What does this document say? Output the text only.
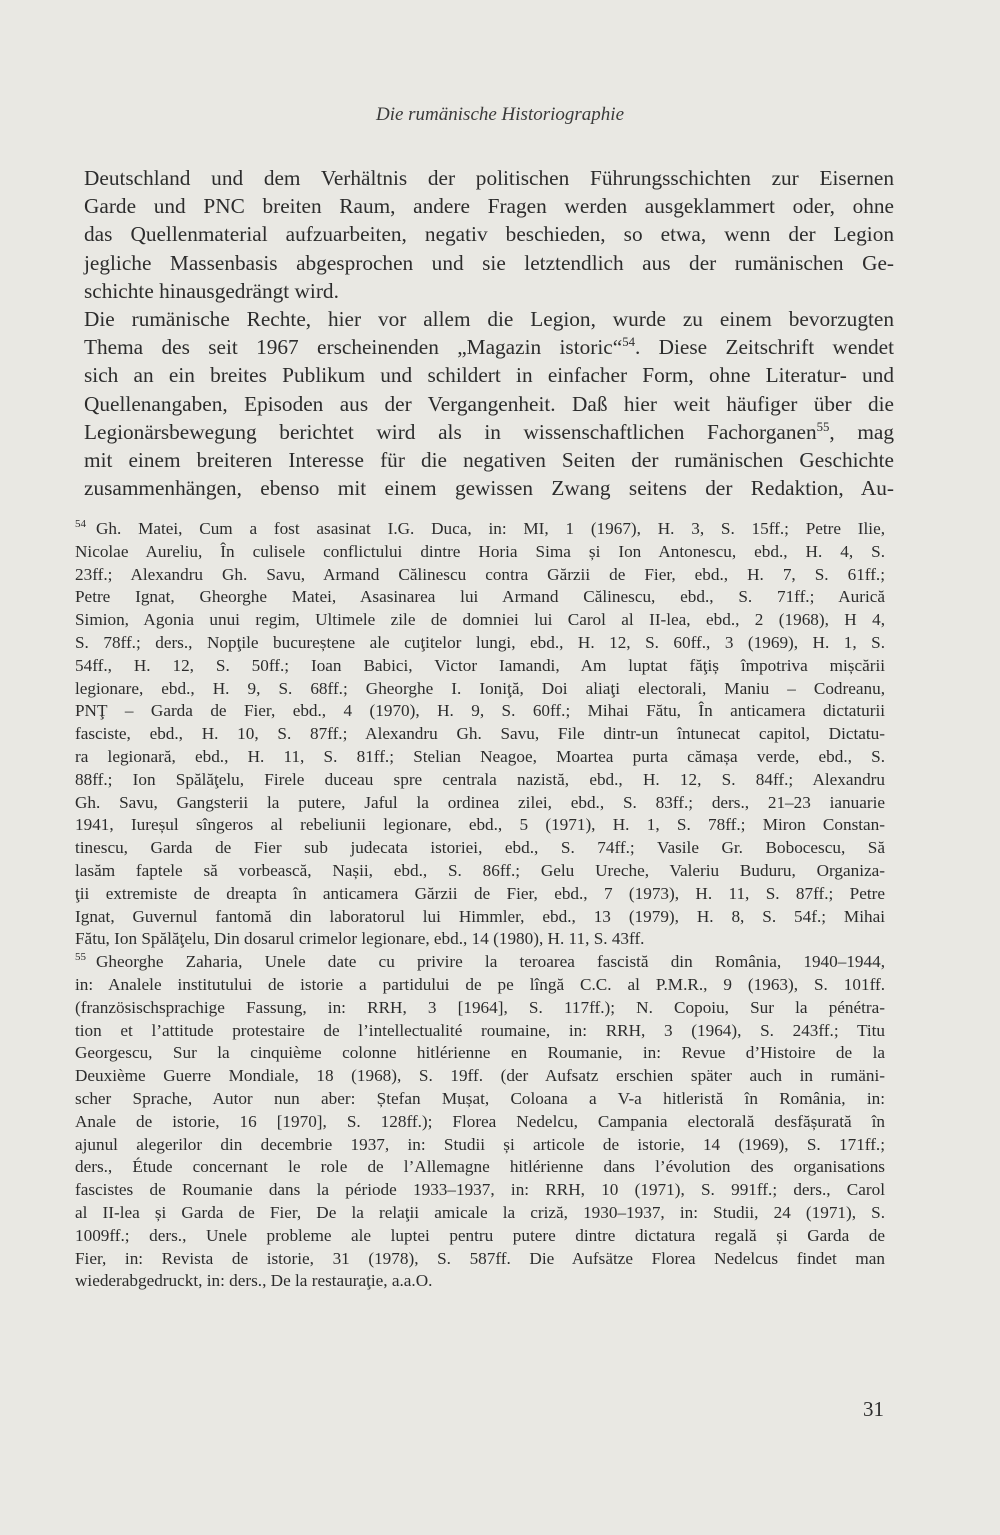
Die rumänische Historiographie

Deutschland und dem Verhältnis der politischen Führungsschichten zur Eisernen
Garde und PNC breiten Raum, andere Fragen werden ausgeklammert oder, ohne
das Quellenmaterial aufzuarbeiten, negativ beschieden, so etwa, wenn der Legion
jegliche Massenbasis abgesprochen und sie letztendlich aus der rumänischen Ge-
schichte hinausgedrängt wird.

Die rumänische Rechte, hier vor allem die Legion, wurde zu einem bevorzugten
Thema des seit 1967 erscheinenden „Magazin istoric“$^{54}$. Diese Zeitschrift wendet
sich an ein breites Publikum und schildert in einfacher Form, ohne Literatur- und
Quellenangaben, Episoden aus der Vergangenheit. Daß hier weit häufiger über die
Legionärsbewegung berichtet wird als in wissenschaftlichen Fachorganen$^{55}$, mag
mit einem breiteren Interesse für die negativen Seiten der rumänischen Geschichte
zusammenhängen, ebenso mit einem gewissen Zwang seitens der Redaktion, Au-

$^{54}$ Gh. Matei, Cum a fost asasinat I.G. Duca, in: MI, 1 (1967), H. 3, S. 15ff.; Petre Ilie,
Nicolae Aureliu, În culisele conflictului dintre Horia Sima și Ion Antonescu, ebd., H. 4, S.
23ff.; Alexandru Gh. Savu, Armand Călinescu contra Gărzii de Fier, ebd., H. 7, S. 61ff.;
Petre Ignat, Gheorghe Matei, Asasinarea lui Armand Călinescu, ebd., S. 71ff.; Aurică
Simion, Agonia unui regim, Ultimele zile de domniei lui Carol al II-lea, ebd., 2 (1968), H 4,
S. 78ff.; ders., Nopţile bucureștene ale cuţitelor lungi, ebd., H. 12, S. 60ff., 3 (1969), H. 1, S.
54ff., H. 12, S. 50ff.; Ioan Babici, Victor Iamandi, Am luptat făţiș împotriva mișcării
legionare, ebd., H. 9, S. 68ff.; Gheorghe I. Ioniţă, Doi aliaţi electorali, Maniu – Codreanu,
PNŢ – Garda de Fier, ebd., 4 (1970), H. 9, S. 60ff.; Mihai Fătu, În anticamera dictaturii
fasciste, ebd., H. 10, S. 87ff.; Alexandru Gh. Savu, File dintr-un întunecat capitol, Dictatu-
ra legionară, ebd., H. 11, S. 81ff.; Stelian Neagoe, Moartea purta cămașa verde, ebd., S.
88ff.; Ion Spălăţelu, Firele duceau spre centrala nazistă, ebd., H. 12, S. 84ff.; Alexandru
Gh. Savu, Gangsterii la putere, Jaful la ordinea zilei, ebd., S. 83ff.; ders., 21–23 ianuarie
1941, Iureșul sîngeros al rebeliunii legionare, ebd., 5 (1971), H. 1, S. 78ff.; Miron Constan-
tinescu, Garda de Fier sub judecata istoriei, ebd., S. 74ff.; Vasile Gr. Bobocescu, Să
lasăm faptele să vorbească, Nașii, ebd., S. 86ff.; Gelu Ureche, Valeriu Buduru, Organiza-
ţii extremiste de dreapta în anticamera Gărzii de Fier, ebd., 7 (1973), H. 11, S. 87ff.; Petre
Ignat, Guvernul fantomă din laboratorul lui Himmler, ebd., 13 (1979), H. 8, S. 54f.; Mihai
Fătu, Ion Spălăţelu, Din dosarul crimelor legionare, ebd., 14 (1980), H. 11, S. 43ff.
$^{55}$ Gheorghe Zaharia, Unele date cu privire la teroarea fascistă din România, 1940–1944,
in: Analele institutului de istorie a partidului de pe lîngă C.C. al P.M.R., 9 (1963), S. 101ff.
(französischsprachige Fassung, in: RRH, 3 [1964], S. 117ff.); N. Copoiu, Sur la pénétra-
tion et l’attitude protestaire de l’intellectualité roumaine, in: RRH, 3 (1964), S. 243ff.; Titu
Georgescu, Sur la cinquième colonne hitlérienne en Roumanie, in: Revue d’Histoire de la
Deuxième Guerre Mondiale, 18 (1968), S. 19ff. (der Aufsatz erschien später auch in rumäni-
scher Sprache, Autor nun aber: Ștefan Mușat, Coloana a V-a hitleristă în România, in:
Anale de istorie, 16 [1970], S. 128ff.); Florea Nedelcu, Campania electorală desfășurată în
ajunul alegerilor din decembrie 1937, in: Studii și articole de istorie, 14 (1969), S. 171ff.;
ders., Étude concernant le role de l’Allemagne hitlérienne dans l’évolution des organisations
fascistes de Roumanie dans la période 1933–1937, in: RRH, 10 (1971), S. 991ff.; ders., Carol
al II-lea și Garda de Fier, De la relaţii amicale la criză, 1930–1937, in: Studii, 24 (1971), S.
1009ff.; ders., Unele probleme ale luptei pentru putere dintre dictatura regală și Garda de
Fier, in: Revista de istorie, 31 (1978), S. 587ff. Die Aufsätze Florea Nedelcus findet man
wiederabgedruckt, in: ders., De la restauraţie, a.a.O.
31
